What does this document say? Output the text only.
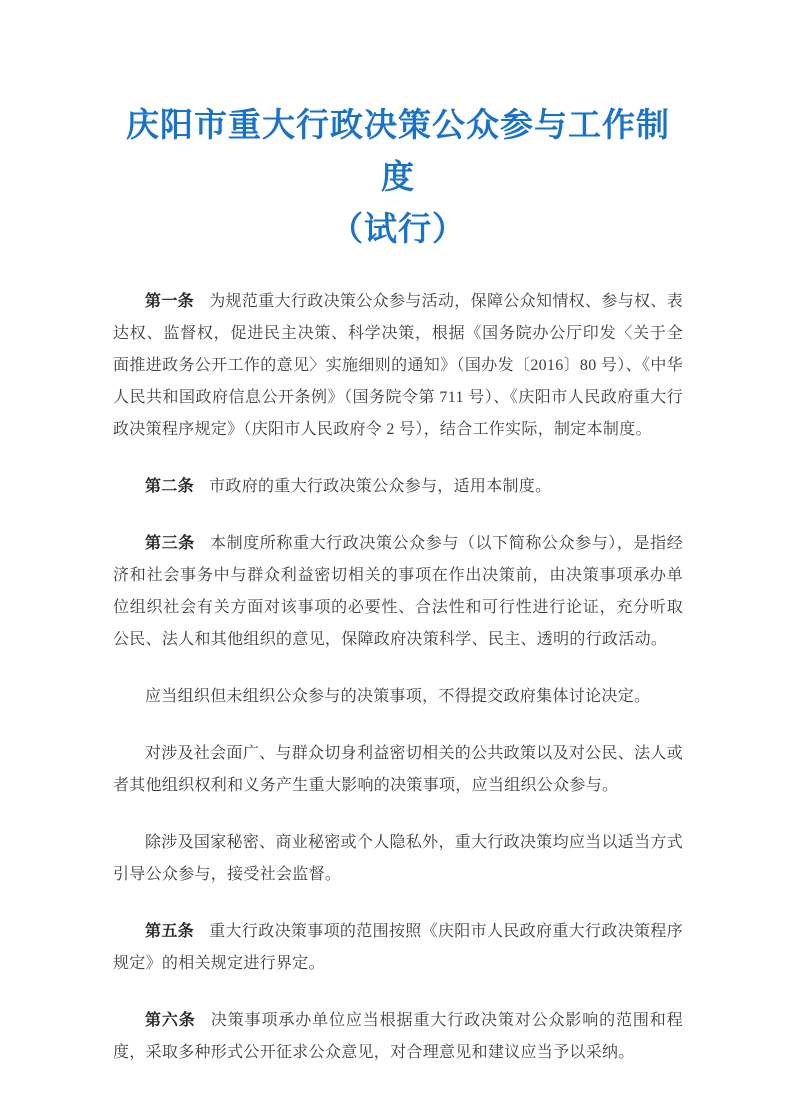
庆阳市重大行政决策公众参与工作制度
（试行）

第一条 为规范重大行政决策公众参与活动，保障公众知情权、参与权、表达权、监督权，促进民主决策、科学决策，根据《国务院办公厅印发〈关于全面推进政务公开工作的意见〉实施细则的通知》（国办发〔2016〕80 号）、《中华人民共和国政府信息公开条例》（国务院令第 711 号）、《庆阳市人民政府重大行政决策程序规定》（庆阳市人民政府令 2 号），结合工作实际，制定本制度。

第二条 市政府的重大行政决策公众参与，适用本制度。

第三条 本制度所称重大行政决策公众参与（以下简称公众参与），是指经济和社会事务中与群众利益密切相关的事项在作出决策前，由决策事项承办单位组织社会有关方面对该事项的必要性、合法性和可行性进行论证，充分听取公民、法人和其他组织的意见，保障政府决策科学、民主、透明的行政活动。

应当组织但未组织公众参与的决策事项，不得提交政府集体讨论决定。

对涉及社会面广、与群众切身利益密切相关的公共政策以及对公民、法人或者其他组织权利和义务产生重大影响的决策事项，应当组织公众参与。

除涉及国家秘密、商业秘密或个人隐私外，重大行政决策均应当以适当方式引导公众参与，接受社会监督。

第五条 重大行政决策事项的范围按照《庆阳市人民政府重大行政决策程序规定》的相关规定进行界定。

第六条 决策事项承办单位应当根据重大行政决策对公众影响的范围和程度，采取多种形式公开征求公众意见，对合理意见和建议应当予以采纳。
